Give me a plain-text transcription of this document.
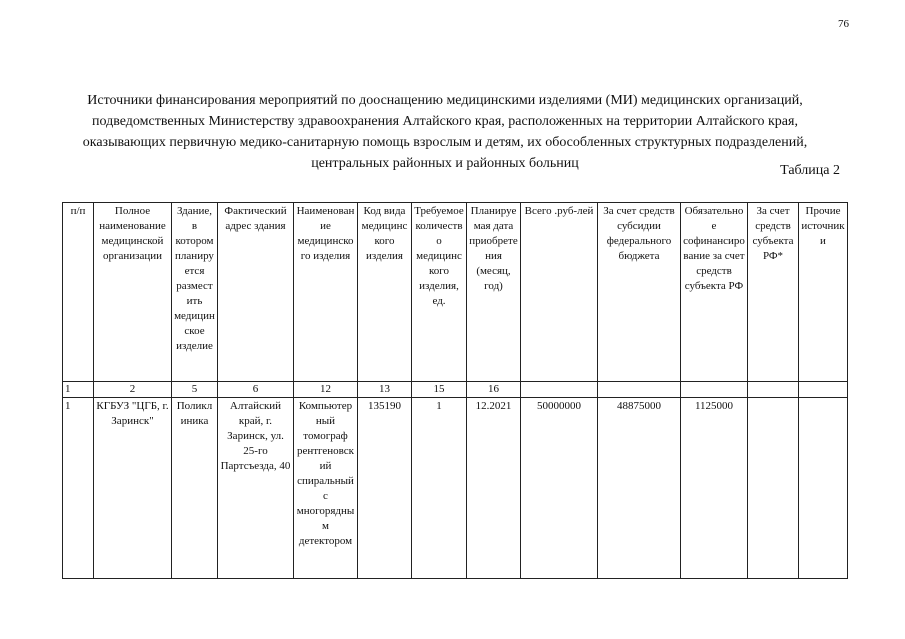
76

Источники финансирования мероприятий по дооснащению медицинскими изделиями (МИ) медицинских организаций, подведомственных Министерству здравоохранения Алтайского края, расположенных на территории Алтайского края, оказывающих первичную медико-санитарную помощь взрослым и детям, их обособленных структурных подразделений, центральных районных и районных больниц	Таблица 2
п/п	Полное наименование медицинской организации	Здание, в котором планируется разместить медицинское изделие	Фактический адрес здания	Наименование медицинского изделия	Код вида медицинского изделия	Требуемое количество медицинского изделия, ед.	Планируемая дата приобретения (месяц, год)	Всего .руб-лей	За счет средств субсидии федерального бюджета	Обязательное софинансирование за счет средств субъекта РФ	За счет средств субъекта РФ*	Прочие источники
1	2	5	6	12	13	15	16					
1	КГБУЗ "ЦГБ, г. Заринск"	Поликлиника	Алтайский край, г. Заринск, ул. 25-го Партсъезда, 40	Компьютерный томограф рентгеновский спиральный с многорядным детектором	135190	1	12.2021	50000000	48875000	1125000		
